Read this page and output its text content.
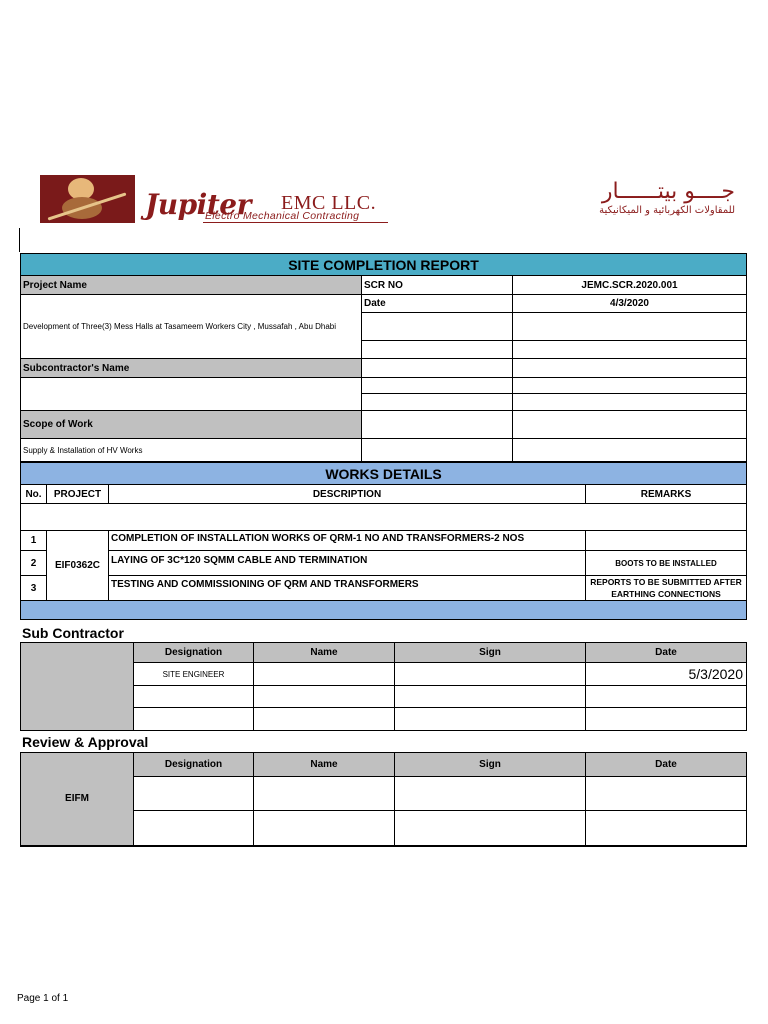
Jupiter EMC LLC.
Electro Mechanical Contracting
جــــو بيتــــــار
للمقاولات الكهربائية و الميكانيكية
SITE COMPLETION REPORT		
Project Name	SCR NO	JEMC.SCR.2020.001
Development of Three(3) Mess Halls at Tasameem Workers City , Mussafah , Abu Dhabi	Date	4/3/2020

Subcontractor's Name		

Scope of Work		
Supply & Installation of HV Works		
WORKS DETAILS			
No.	PROJECT	DESCRIPTION	REMARKS

1	EIF0362C	COMPLETION OF INSTALLATION WORKS OF QRM-1 NO AND TRANSFORMERS-2 NOS	
2		LAYING OF 3C*120 SQMM CABLE AND TERMINATION	BOOTS TO BE INSTALLED
3		TESTING AND COMMISSIONING OF QRM AND TRANSFORMERS	REPORTS TO BE SUBMITTED AFTER EARTHING CONNECTIONS

Sub Contractor
	Designation	Name	Sign	Date
	SITE ENGINEER			5/3/2020

Review & Approval
EIFM	Designation	Name	Sign	Date

Page 1 of 1
